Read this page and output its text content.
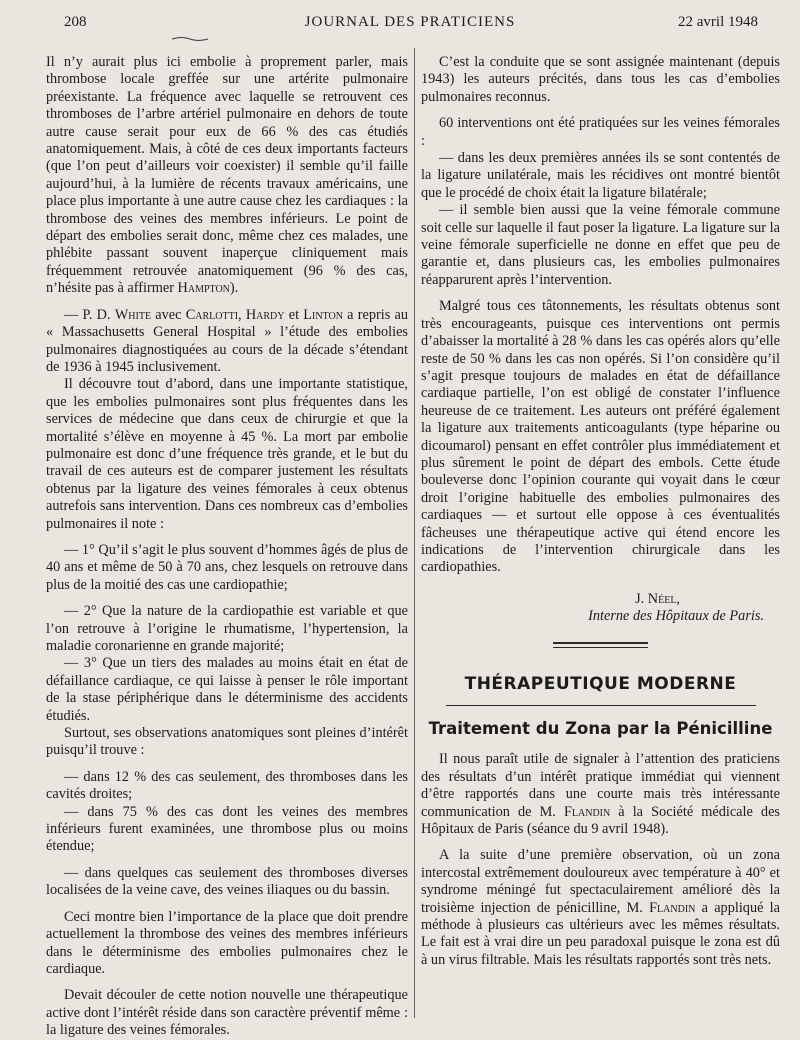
208	JOURNAL DES PRATICIENS	22 avril 1948

Il n’y aurait plus ici embolie à proprement parler, mais thrombose locale greffée sur une artérite pulmonaire préexistante. La fréquence avec laquelle se retrouvent ces thromboses de l’arbre artériel pulmonaire en dehors de toute autre cause serait pour eux de 66 % des cas étudiés anatomiquement. Mais, à côté de ces deux importants facteurs (que l’on peut d’ailleurs voir coexister) il semble qu’il faille aujourd’hui, à la lumière de récents travaux américains, une place plus importante à une autre cause chez les cardiaques : la thrombose des veines des membres inférieurs. Le point de départ des embolies serait donc, même chez ces malades, une phlébite passant souvent inaperçue cliniquement mais fréquemment retrouvée anatomiquement (96 % des cas, n’hésite pas à affirmer Hampton).

— P. D. White avec Carlotti, Hardy et Linton a repris au « Massachusetts General Hospital » l’étude des embolies pulmonaires diagnostiquées au cours de la décade s’étendant de 1936 à 1945 inclusivement.

Il découvre tout d’abord, dans une importante statistique, que les embolies pulmonaires sont plus fréquentes dans les services de médecine que dans ceux de chirurgie et que la mortalité s’élève en moyenne à 45 %. La mort par embolie pulmonaire est donc d’une fréquence très grande, et le but du travail de ces auteurs est de comparer justement les résultats obtenus par la ligature des veines fémorales à ceux obtenus autrefois sans intervention. Dans ces nombreux cas d’embolies pulmonaires il note :

— 1° Qu’il s’agit le plus souvent d’hommes âgés de plus de 40 ans et même de 50 à 70 ans, chez lesquels on retrouve dans plus de la moitié des cas une cardiopathie;

— 2° Que la nature de la cardiopathie est variable et que l’on retrouve à l’origine le rhumatisme, l’hypertension, la maladie coronarienne en grande majorité;

— 3° Que un tiers des malades au moins était en état de défaillance cardiaque, ce qui laisse à penser le rôle important de la stase périphérique dans le déterminisme des accidents étudiés.

Surtout, ses observations anatomiques sont pleines d’intérêt puisqu’il trouve :

— dans 12 % des cas seulement, des thromboses dans les cavités droites;

— dans 75 % des cas dont les veines des membres inférieurs furent examinées, une thrombose plus ou moins étendue;

— dans quelques cas seulement des thromboses diverses localisées de la veine cave, des veines iliaques ou du bassin.

Ceci montre bien l’importance de la place que doit prendre actuellement la thrombose des veines des membres inférieurs dans le déterminisme des embolies pulmonaires chez le cardiaque.

Devait découler de cette notion nouvelle une thérapeutique active dont l’intérêt réside dans son caractère préventif même : la ligature des veines fémorales.

C’est la conduite que se sont assignée maintenant (depuis 1943) les auteurs précités, dans tous les cas d’embolies pulmonaires reconnus.

60 interventions ont été pratiquées sur les veines fémorales :

— dans les deux premières années ils se sont contentés de la ligature unilatérale, mais les récidives ont montré bientôt que le procédé de choix était la ligature bilatérale;

— il semble bien aussi que la veine fémorale commune soit celle sur laquelle il faut poser la ligature. La ligature sur la veine fémorale superficielle ne donne en effet que peu de garantie et, dans plusieurs cas, les embolies pulmonaires réapparurent après l’intervention.

Malgré tous ces tâtonnements, les résultats obtenus sont très encourageants, puisque ces interventions ont permis d’abaisser la mortalité à 28 % dans les cas opérés alors qu’elle reste de 50 % dans les cas non opérés. Si l’on considère qu’il s’agit presque toujours de malades en état de défaillance cardiaque partielle, l’on est obligé de constater l’influence heureuse de ce traitement. Les auteurs ont préféré également la ligature aux traitements anticoagulants (type héparine ou dicoumarol) pensant en effet contrôler plus immédiatement et plus sûrement le point de départ des embols. Cette étude bouleverse donc l’opinion courante qui voyait dans le cœur droit l’origine habituelle des embolies pulmonaires des cardiaques — et surtout elle oppose à ces éventualités fâcheuses une thérapeutique active qui étend encore les indications de l’intervention chirurgicale dans les cardiopathies.

J. Néel,
Interne des Hôpitaux de Paris.
THÉRAPEUTIQUE MODERNE
Traitement du Zona par la Pénicilline

Il nous paraît utile de signaler à l’attention des praticiens des résultats d’un intérêt pratique immédiat qui viennent d’être rapportés dans une courte mais très intéressante communication de M. Flandin à la Société médicale des Hôpitaux de Paris (séance du 9 avril 1948).

A la suite d’une première observation, où un zona intercostal extrêmement douloureux avec température à 40° et syndrome méningé fut spectaculairement amélioré dès la troisième injection de pénicilline, M. Flandin a appliqué la méthode à plusieurs cas ultérieurs avec les mêmes résultats. Le fait est à vrai dire un peu paradoxal puisque le zona est dû à un virus filtrable. Mais les résultats rapportés sont très nets.
